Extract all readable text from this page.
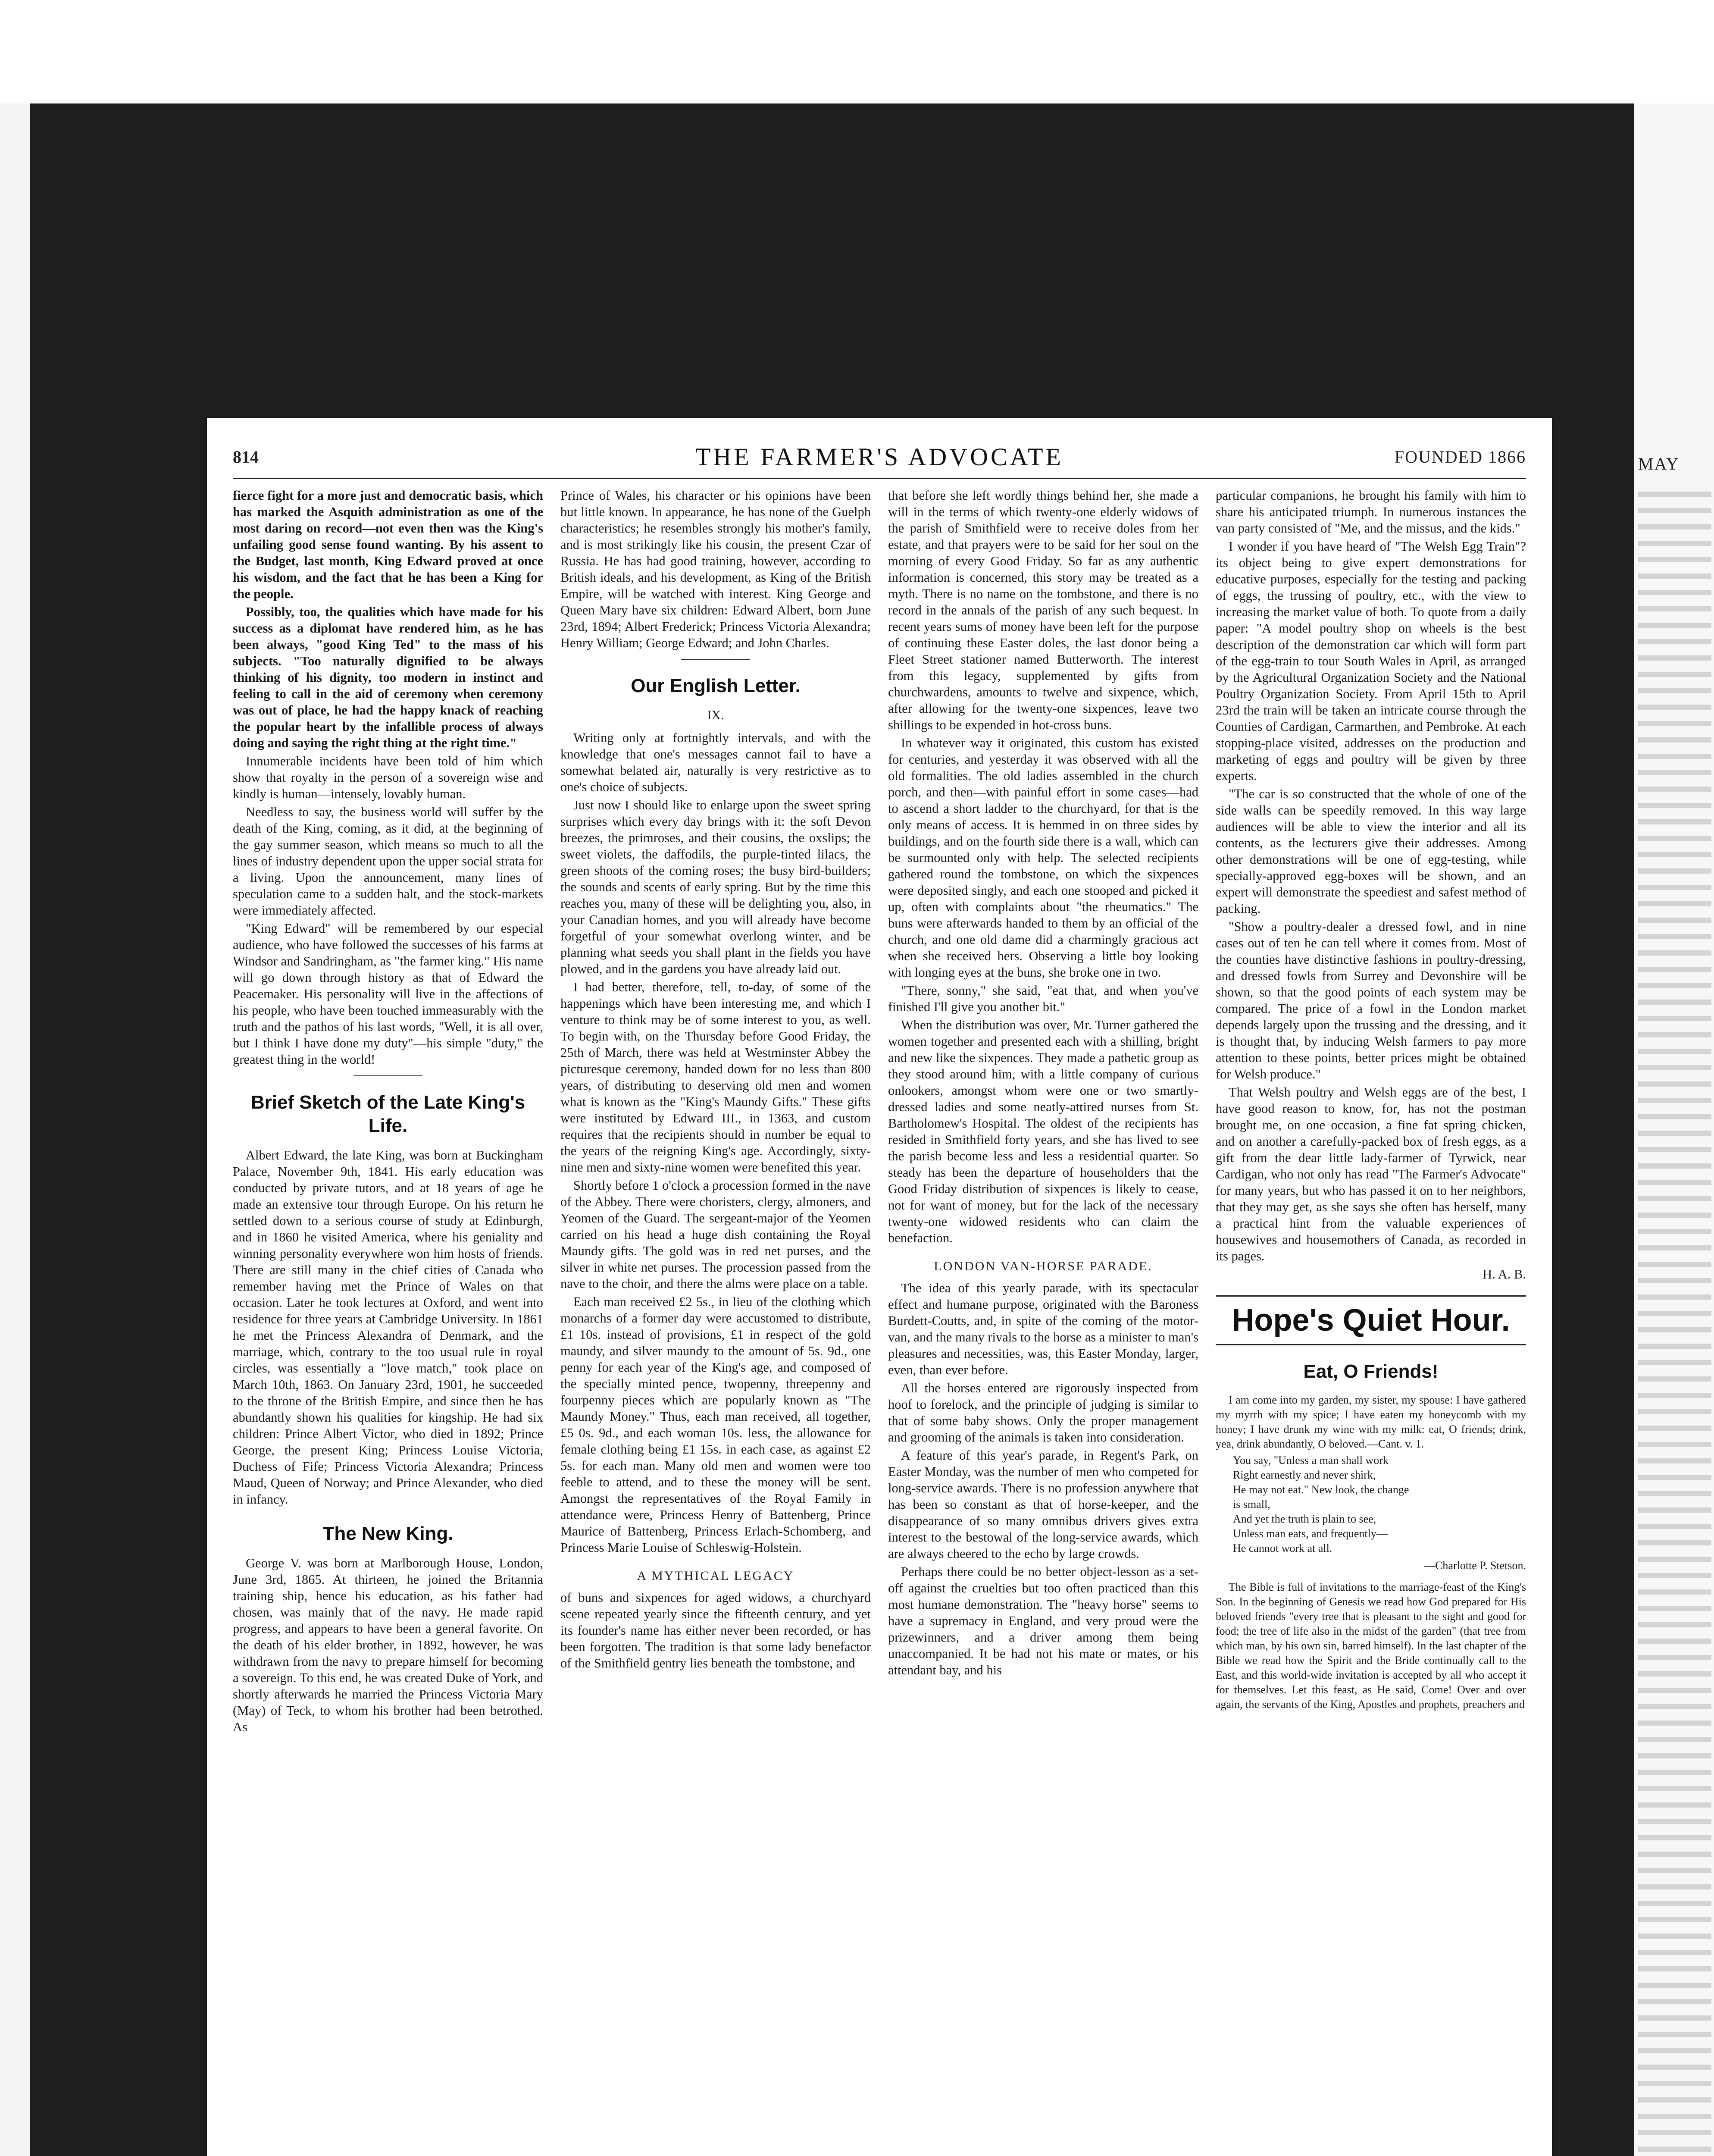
MAY
THE FARMER'S ADVOCATE
814	FOUNDED 1866

fierce fight for a more just and democratic basis, which has marked the Asquith administration as one of the most daring on record—not even then was the King's unfailing good sense found wanting. By his assent to the Budget, last month, King Edward proved at once his wisdom, and the fact that he has been a King for the people.

Possibly, too, the qualities which have made for his success as a diplomat have rendered him, as he has been always, "good King Ted" to the mass of his subjects. "Too naturally dignified to be always thinking of his dignity, too modern in instinct and feeling to call in the aid of ceremony when ceremony was out of place, he had the happy knack of reaching the popular heart by the infallible process of always doing and saying the right thing at the right time."

Innumerable incidents have been told of him which show that royalty in the person of a sovereign wise and kindly is human—intensely, lovably human.

Needless to say, the business world will suffer by the death of the King, coming, as it did, at the beginning of the gay summer season, which means so much to all the lines of industry dependent upon the upper social strata for a living. Upon the announcement, many lines of speculation came to a sudden halt, and the stock-markets were immediately affected.

"King Edward" will be remembered by our especial audience, who have followed the successes of his farms at Windsor and Sandringham, as "the farmer king." His name will go down through history as that of Edward the Peacemaker. His personality will live in the affections of his people, who have been touched immeasurably with the truth and the pathos of his last words, "Well, it is all over, but I think I have done my duty"—his simple "duty," the greatest thing in the world!

Brief Sketch of the Late King's Life.

Albert Edward, the late King, was born at Buckingham Palace, November 9th, 1841. His early education was conducted by private tutors, and at 18 years of age he made an extensive tour through Europe. On his return he settled down to a serious course of study at Edinburgh, and in 1860 he visited America, where his geniality and winning personality everywhere won him hosts of friends. There are still many in the chief cities of Canada who remember having met the Prince of Wales on that occasion. Later he took lectures at Oxford, and went into residence for three years at Cambridge University. In 1861 he met the Princess Alexandra of Denmark, and the marriage, which, contrary to the too usual rule in royal circles, was essentially a "love match," took place on March 10th, 1863. On January 23rd, 1901, he succeeded to the throne of the British Empire, and since then he has abundantly shown his qualities for kingship. He had six children: Prince Albert Victor, who died in 1892; Prince George, the present King; Princess Louise Victoria, Duchess of Fife; Princess Victoria Alexandra; Princess Maud, Queen of Norway; and Prince Alexander, who died in infancy.

The New King.

George V. was born at Marlborough House, London, June 3rd, 1865. At thirteen, he joined the Britannia training ship, hence his education, as his father had chosen, was mainly that of the navy. He made rapid progress, and appears to have been a general favorite. On the death of his elder brother, in 1892, however, he was withdrawn from the navy to prepare himself for becoming a sovereign. To this end, he was created Duke of York, and shortly afterwards he married the Princess Victoria Mary (May) of Teck, to whom his brother had been betrothed. As

Prince of Wales, his character or his opinions have been but little known. In appearance, he has none of the Guelph characteristics; he resembles strongly his mother's family, and is most strikingly like his cousin, the present Czar of Russia. He has had good training, however, according to British ideals, and his development, as King of the British Empire, will be watched with interest. King George and Queen Mary have six children: Edward Albert, born June 23rd, 1894; Albert Frederick; Princess Victoria Alexandra; Henry William; George Edward; and John Charles.

Our English Letter.
IX.

Writing only at fortnightly intervals, and with the knowledge that one's messages cannot fail to have a somewhat belated air, naturally is very restrictive as to one's choice of subjects.

Just now I should like to enlarge upon the sweet spring surprises which every day brings with it: the soft Devon breezes, the primroses, and their cousins, the oxslips; the sweet violets, the daffodils, the purple-tinted lilacs, the green shoots of the coming roses; the busy bird-builders; the sounds and scents of early spring. But by the time this reaches you, many of these will be delighting you, also, in your Canadian homes, and you will already have become forgetful of your somewhat overlong winter, and be planning what seeds you shall plant in the fields you have plowed, and in the gardens you have already laid out.

I had better, therefore, tell, to-day, of some of the happenings which have been interesting me, and which I venture to think may be of some interest to you, as well. To begin with, on the Thursday before Good Friday, the 25th of March, there was held at Westminster Abbey the picturesque ceremony, handed down for no less than 800 years, of distributing to deserving old men and women what is known as the "King's Maundy Gifts." These gifts were instituted by Edward III., in 1363, and custom requires that the recipients should in number be equal to the years of the reigning King's age. Accordingly, sixty-nine men and sixty-nine women were benefited this year.

Shortly before 1 o'clock a procession formed in the nave of the Abbey. There were choristers, clergy, almoners, and Yeomen of the Guard. The sergeant-major of the Yeomen carried on his head a huge dish containing the Royal Maundy gifts. The gold was in red net purses, and the silver in white net purses. The procession passed from the nave to the choir, and there the alms were place on a table.

Each man received £2 5s., in lieu of the clothing which monarchs of a former day were accustomed to distribute, £1 10s. instead of provisions, £1 in respect of the gold maundy, and silver maundy to the amount of 5s. 9d., one penny for each year of the King's age, and composed of the specially minted pence, twopenny, threepenny and fourpenny pieces which are popularly known as "The Maundy Money." Thus, each man received, all together, £5 0s. 9d., and each woman 10s. less, the allowance for female clothing being £1 15s. in each case, as against £2 5s. for each man. Many old men and women were too feeble to attend, and to these the money will be sent. Amongst the representatives of the Royal Family in attendance were, Princess Henry of Battenberg, Prince Maurice of Battenberg, Princess Erlach-Schomberg, and Princess Marie Louise of Schleswig-Holstein.

A MYTHICAL LEGACY

of buns and sixpences for aged widows, a churchyard scene repeated yearly since the fifteenth century, and yet its founder's name has either never been recorded, or has been forgotten. The tradition is that some lady benefactor of the Smithfield gentry lies beneath the tombstone, and

that before she left wordly things behind her, she made a will in the terms of which twenty-one elderly widows of the parish of Smithfield were to receive doles from her estate, and that prayers were to be said for her soul on the morning of every Good Friday. So far as any authentic information is concerned, this story may be treated as a myth. There is no name on the tombstone, and there is no record in the annals of the parish of any such bequest. In recent years sums of money have been left for the purpose of continuing these Easter doles, the last donor being a Fleet Street stationer named Butterworth. The interest from this legacy, supplemented by gifts from churchwardens, amounts to twelve and sixpence, which, after allowing for the twenty-one sixpences, leave two shillings to be expended in hot-cross buns.

In whatever way it originated, this custom has existed for centuries, and yesterday it was observed with all the old formalities. The old ladies assembled in the church porch, and then—with painful effort in some cases—had to ascend a short ladder to the churchyard, for that is the only means of access. It is hemmed in on three sides by buildings, and on the fourth side there is a wall, which can be surmounted only with help. The selected recipients gathered round the tombstone, on which the sixpences were deposited singly, and each one stooped and picked it up, often with complaints about "the rheumatics." The buns were afterwards handed to them by an official of the church, and one old dame did a charmingly gracious act when she received hers. Observing a little boy looking with longing eyes at the buns, she broke one in two.

"There, sonny," she said, "eat that, and when you've finished I'll give you another bit."

When the distribution was over, Mr. Turner gathered the women together and presented each with a shilling, bright and new like the sixpences. They made a pathetic group as they stood around him, with a little company of curious onlookers, amongst whom were one or two smartly-dressed ladies and some neatly-attired nurses from St. Bartholomew's Hospital. The oldest of the recipients has resided in Smithfield forty years, and she has lived to see the parish become less and less a residential quarter. So steady has been the departure of householders that the Good Friday distribution of sixpences is likely to cease, not for want of money, but for the lack of the necessary twenty-one widowed residents who can claim the benefaction.

LONDON VAN-HORSE PARADE.

The idea of this yearly parade, with its spectacular effect and humane purpose, originated with the Baroness Burdett-Coutts, and, in spite of the coming of the motor-van, and the many rivals to the horse as a minister to man's pleasures and necessities, was, this Easter Monday, larger, even, than ever before.

All the horses entered are rigorously inspected from hoof to forelock, and the principle of judging is similar to that of some baby shows. Only the proper management and grooming of the animals is taken into consideration.

A feature of this year's parade, in Regent's Park, on Easter Monday, was the number of men who competed for long-service awards. There is no profession anywhere that has been so constant as that of horse-keeper, and the disappearance of so many omnibus drivers gives extra interest to the bestowal of the long-service awards, which are always cheered to the echo by large crowds.

Perhaps there could be no better object-lesson as a set-off against the cruelties but too often practiced than this most humane demonstration. The "heavy horse" seems to have a supremacy in England, and very proud were the prizewinners, and a driver among them being unaccompanied. It be had not his mate or mates, or his attendant bay, and his

particular companions, he brought his family with him to share his anticipated triumph. In numerous instances the van party consisted of "Me, and the missus, and the kids."

I wonder if you have heard of "The Welsh Egg Train"? its object being to give expert demonstrations for educative purposes, especially for the testing and packing of eggs, the trussing of poultry, etc., with the view to increasing the market value of both. To quote from a daily paper: "A model poultry shop on wheels is the best description of the demonstration car which will form part of the egg-train to tour South Wales in April, as arranged by the Agricultural Organization Society and the National Poultry Organization Society. From April 15th to April 23rd the train will be taken an intricate course through the Counties of Cardigan, Carmarthen, and Pembroke. At each stopping-place visited, addresses on the production and marketing of eggs and poultry will be given by three experts.

"The car is so constructed that the whole of one of the side walls can be speedily removed. In this way large audiences will be able to view the interior and all its contents, as the lecturers give their addresses. Among other demonstrations will be one of egg-testing, while specially-approved egg-boxes will be shown, and an expert will demonstrate the speediest and safest method of packing.

"Show a poultry-dealer a dressed fowl, and in nine cases out of ten he can tell where it comes from. Most of the counties have distinctive fashions in poultry-dressing, and dressed fowls from Surrey and Devonshire will be shown, so that the good points of each system may be compared. The price of a fowl in the London market depends largely upon the trussing and the dressing, and it is thought that, by inducing Welsh farmers to pay more attention to these points, better prices might be obtained for Welsh produce."

That Welsh poultry and Welsh eggs are of the best, I have good reason to know, for, has not the postman brought me, on one occasion, a fine fat spring chicken, and on another a carefully-packed box of fresh eggs, as a gift from the dear little lady-farmer of Tyrwick, near Cardigan, who not only has read "The Farmer's Advocate" for many years, but who has passed it on to her neighbors, that they may get, as she says she often has herself, many a practical hint from the valuable experiences of housewives and housemothers of Canada, as recorded in its pages.

H. A. B.

Hope's Quiet Hour.
Eat, O Friends!

I am come into my garden, my sister, my spouse: I have gathered my myrrh with my spice; I have eaten my honeycomb with my honey; I have drunk my wine with my milk: eat, O friends; drink, yea, drink abundantly, O beloved.—Cant. v. 1.

You say, "Unless a man shall work

Right earnestly and never shirk,

He may not eat." New look, the change

is small,

And yet the truth is plain to see,

Unless man eats, and frequently—

He cannot work at all.

—Charlotte P. Stetson.

The Bible is full of invitations to the marriage-feast of the King's Son. In the beginning of Genesis we read how God prepared for His beloved friends "every tree that is pleasant to the sight and good for food; the tree of life also in the midst of the garden" (that tree from which man, by his own sin, barred himself). In the last chapter of the Bible we read how the Spirit and the Bride continually call to the East, and this world-wide invitation is accepted by all who accept it for themselves. Let this feast, as He said, Come! Over and over again, the servants of the King, Apostles and prophets, preachers and
